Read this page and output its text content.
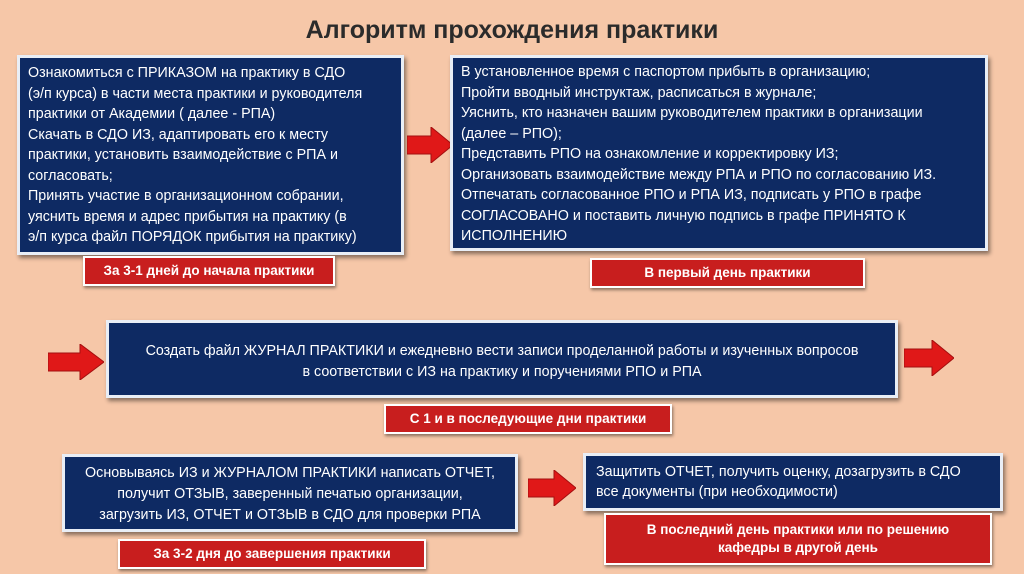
Алгоритм прохождения практики
Ознакомиться с ПРИКАЗОМ на практику в СДО
(э/п курса) в части места практики и руководителя
практики от Академии ( далее - РПА)
Скачать в СДО ИЗ, адаптировать его к месту
практики, установить взаимодействие с РПА и
согласовать;
Принять участие в организационном собрании,
уяснить время и адрес прибытия на практику (в
э/п курса файл ПОРЯДОК прибытия на практику)
За 3-1 дней до начала практики
В установленное время с паспортом прибыть в организацию;
Пройти вводный инструктаж, расписаться в журнале;
Уяснить, кто назначен вашим руководителем практики в организации
(далее – РПО);
Представить РПО на ознакомление и корректировку ИЗ;
Организовать взаимодействие между РПА и РПО по согласованию ИЗ.
Отпечатать согласованное РПО и РПА ИЗ, подписать у РПО в графе
СОГЛАСОВАНО и поставить личную подпись в графе ПРИНЯТО К
ИСПОЛНЕНИЮ
В первый день практики
Создать файл ЖУРНАЛ ПРАКТИКИ и ежедневно вести записи проделанной работы и изученных вопросов
в соответствии с ИЗ на практику и поручениями РПО и РПА
С 1 и в последующие дни практики
Основываясь ИЗ и ЖУРНАЛОМ ПРАКТИКИ написать ОТЧЕТ,
получит ОТЗЫВ, заверенный печатью организации,
загрузить ИЗ, ОТЧЕТ и ОТЗЫВ в СДО для проверки РПА
За 3-2 дня до завершения практики
Защитить ОТЧЕТ, получить оценку, дозагрузить в СДО
все документы (при необходимости)
В последний день практики или по решению
кафедры в другой день
